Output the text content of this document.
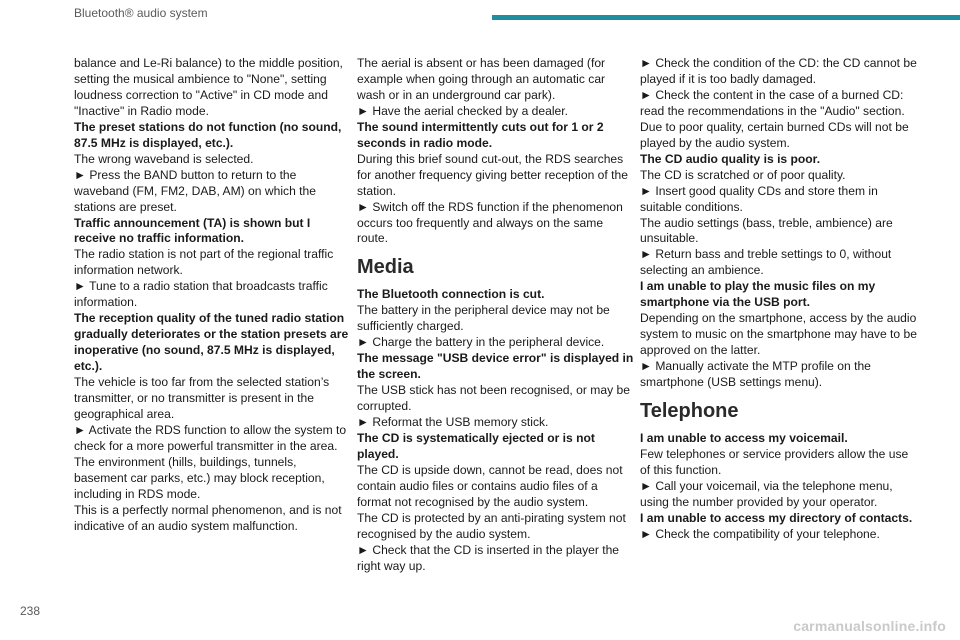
Bluetooth® audio system

balance and Le-Ri balance) to the middle position, setting the musical ambience to "None", setting loudness correction to "Active" in CD mode and "Inactive" in Radio mode.

The preset stations do not function (no sound, 87.5 MHz is displayed, etc.).

The wrong waveband is selected.

► Press the BAND button to return to the waveband (FM, FM2, DAB, AM) on which the stations are preset.

Traffic announcement (TA) is shown but I receive no traffic information.

The radio station is not part of the regional traffic information network.

► Tune to a radio station that broadcasts traffic information.

The reception quality of the tuned radio station gradually deteriorates or the station presets are inoperative (no sound, 87.5 MHz is displayed, etc.).

The vehicle is too far from the selected station’s transmitter, or no transmitter is present in the geographical area.

► Activate the RDS function to allow the system to check for a more powerful transmitter in the area.

The environment (hills, buildings, tunnels, basement car parks, etc.) may block reception, including in RDS mode.

This is a perfectly normal phenomenon, and is not indicative of an audio system malfunction.

The aerial is absent or has been damaged (for example when going through an automatic car wash or in an underground car park).

► Have the aerial checked by a dealer.

The sound intermittently cuts out for 1 or 2 seconds in radio mode.

During this brief sound cut-out, the RDS searches for another frequency giving better reception of the station.

► Switch off the RDS function if the phenomenon occurs too frequently and always on the same route.

Media

The Bluetooth connection is cut.

The battery in the peripheral device may not be sufficiently charged.

► Charge the battery in the peripheral device.

The message "USB device error" is displayed in the screen.

The USB stick has not been recognised, or may be corrupted.

► Reformat the USB memory stick.

The CD is systematically ejected or is not played.

The CD is upside down, cannot be read, does not contain audio files or contains audio files of a format not recognised by the audio system.

The CD is protected by an anti-pirating system not recognised by the audio system.

► Check that the CD is inserted in the player the right way up.

► Check the condition of the CD: the CD cannot be played if it is too badly damaged.

► Check the content in the case of a burned CD: read the recommendations in the "Audio" section.

Due to poor quality, certain burned CDs will not be played by the audio system.

The CD audio quality is is poor.

The CD is scratched or of poor quality.

► Insert good quality CDs and store them in suitable conditions.

The audio settings (bass, treble, ambience) are unsuitable.

► Return bass and treble settings to 0, without selecting an ambience.

I am unable to play the music files on my smartphone via the USB port.

Depending on the smartphone, access by the audio system to music on the smartphone may have to be approved on the latter.

► Manually activate the MTP profile on the smartphone (USB settings menu).

Telephone

I am unable to access my voicemail.

Few telephones or service providers allow the use of this function.

► Call your voicemail, via the telephone menu, using the number provided by your operator.

I am unable to access my directory of contacts.

► Check the compatibility of your telephone.

238
carmanualsonline.info
